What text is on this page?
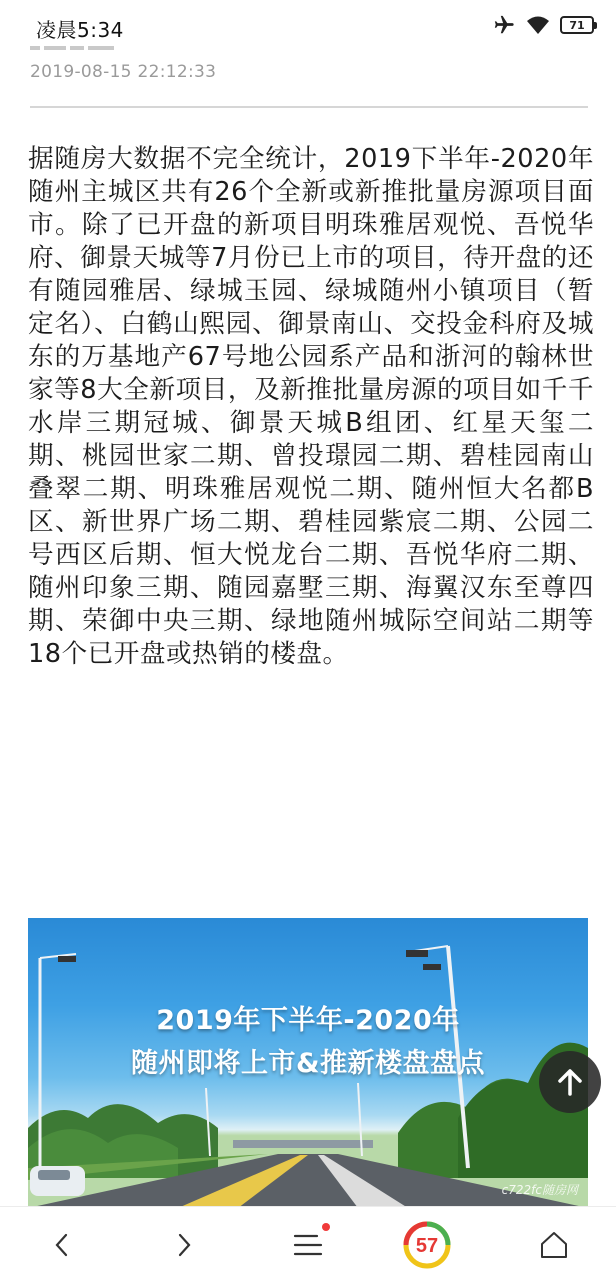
凌晨5:34	71
2019-08-15 22:12:33
据随房大数据不完全统计，2019下半年-2020年随州主城区共有26个全新或新推批量房源项目面市。除了已开盘的新项目明珠雅居观悦、吾悦华府、御景天城等7月份已上市的项目，待开盘的还有随园雅居、绿城玉园、绿城随州小镇项目（暂定名）、白鹤山熙园、御景南山、交投金科府及城东的万基地产67号地公园系产品和浙河的翰林世家等8大全新项目，及新推批量房源的项目如千千水岸三期冠城、御景天城B组团、红星天玺二期、桃园世家二期、曾投璟园二期、碧桂园南山叠翠二期、明珠雅居观悦二期、随州恒大名都B区、新世界广场二期、碧桂园紫宸二期、公园二号西区后期、恒大悦龙台二期、吾悦华府二期、随州印象三期、随园嘉墅三期、海翼汉东至尊四期、荣御中央三期、绿地随州城际空间站二期等18个已开盘或热销的楼盘。
2019年下半年-2020年
随州即将上市&推新楼盘盘点
c722fc随房网
57
